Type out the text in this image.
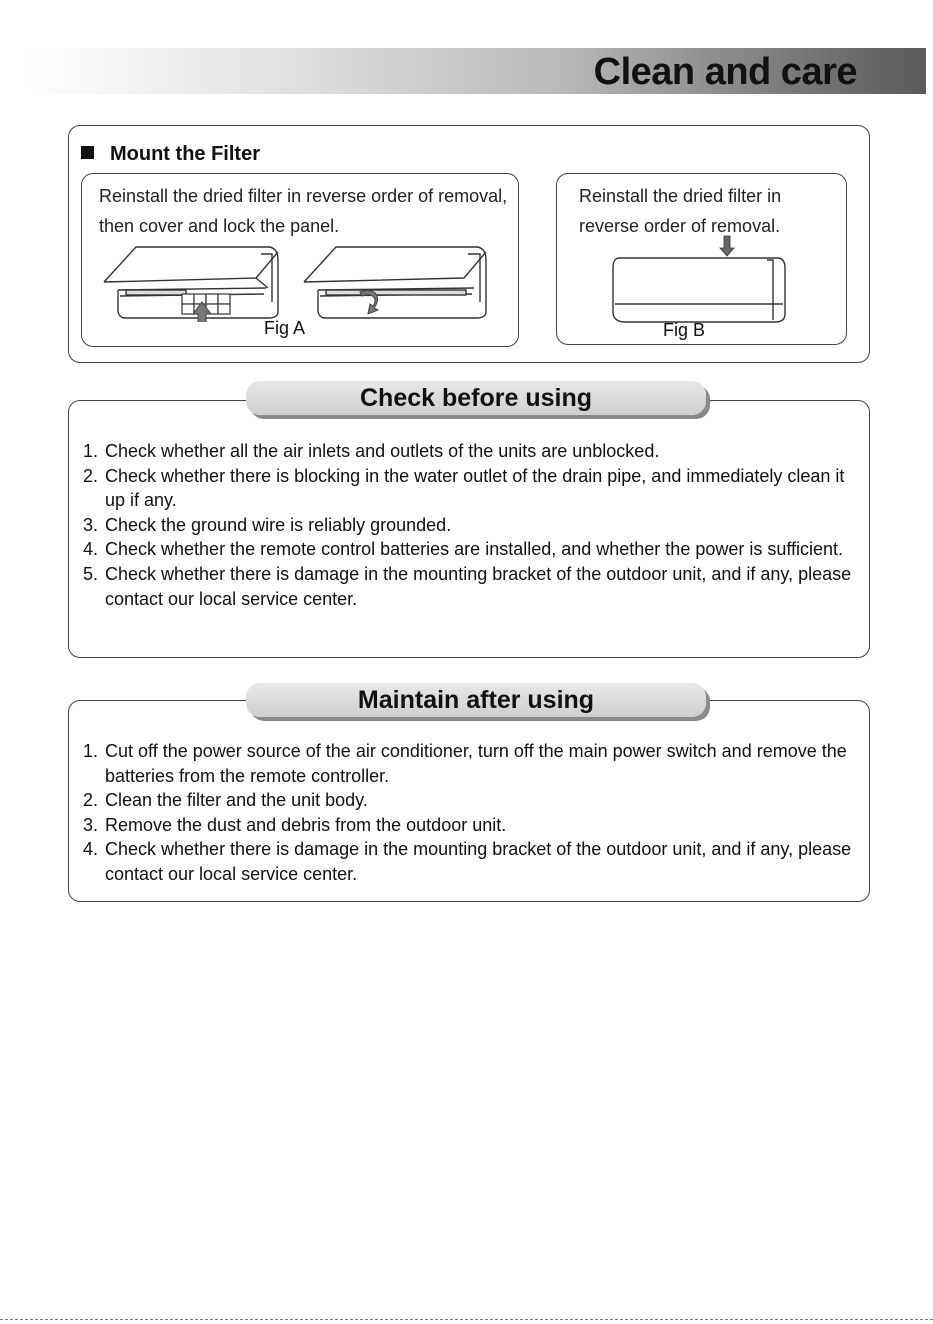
Clean and care
Mount the Filter
Reinstall the dried filter in reverse order of removal, then cover and lock the panel.
Fig A
Reinstall the dried filter in reverse order of removal.
Fig B
1. Check whether all the air inlets and outlets of the units are unblocked.
2. Check whether there is blocking in the water outlet of the drain pipe, and immediately clean it up if any.
3. Check the ground wire is reliably grounded.
4. Check whether the remote control batteries are installed, and whether the power is sufficient.
5. Check whether there is damage in the mounting bracket of the outdoor unit, and if any, please contact our local service center.
Check before using
1. Cut off the power source of the air conditioner, turn off the main power switch and remove the batteries from the remote controller.
2. Clean the filter and the unit body.
3. Remove the dust and debris from the outdoor unit.
4. Check whether there is damage in the mounting bracket of the outdoor unit, and if any, please contact our local service center.
Maintain after using
